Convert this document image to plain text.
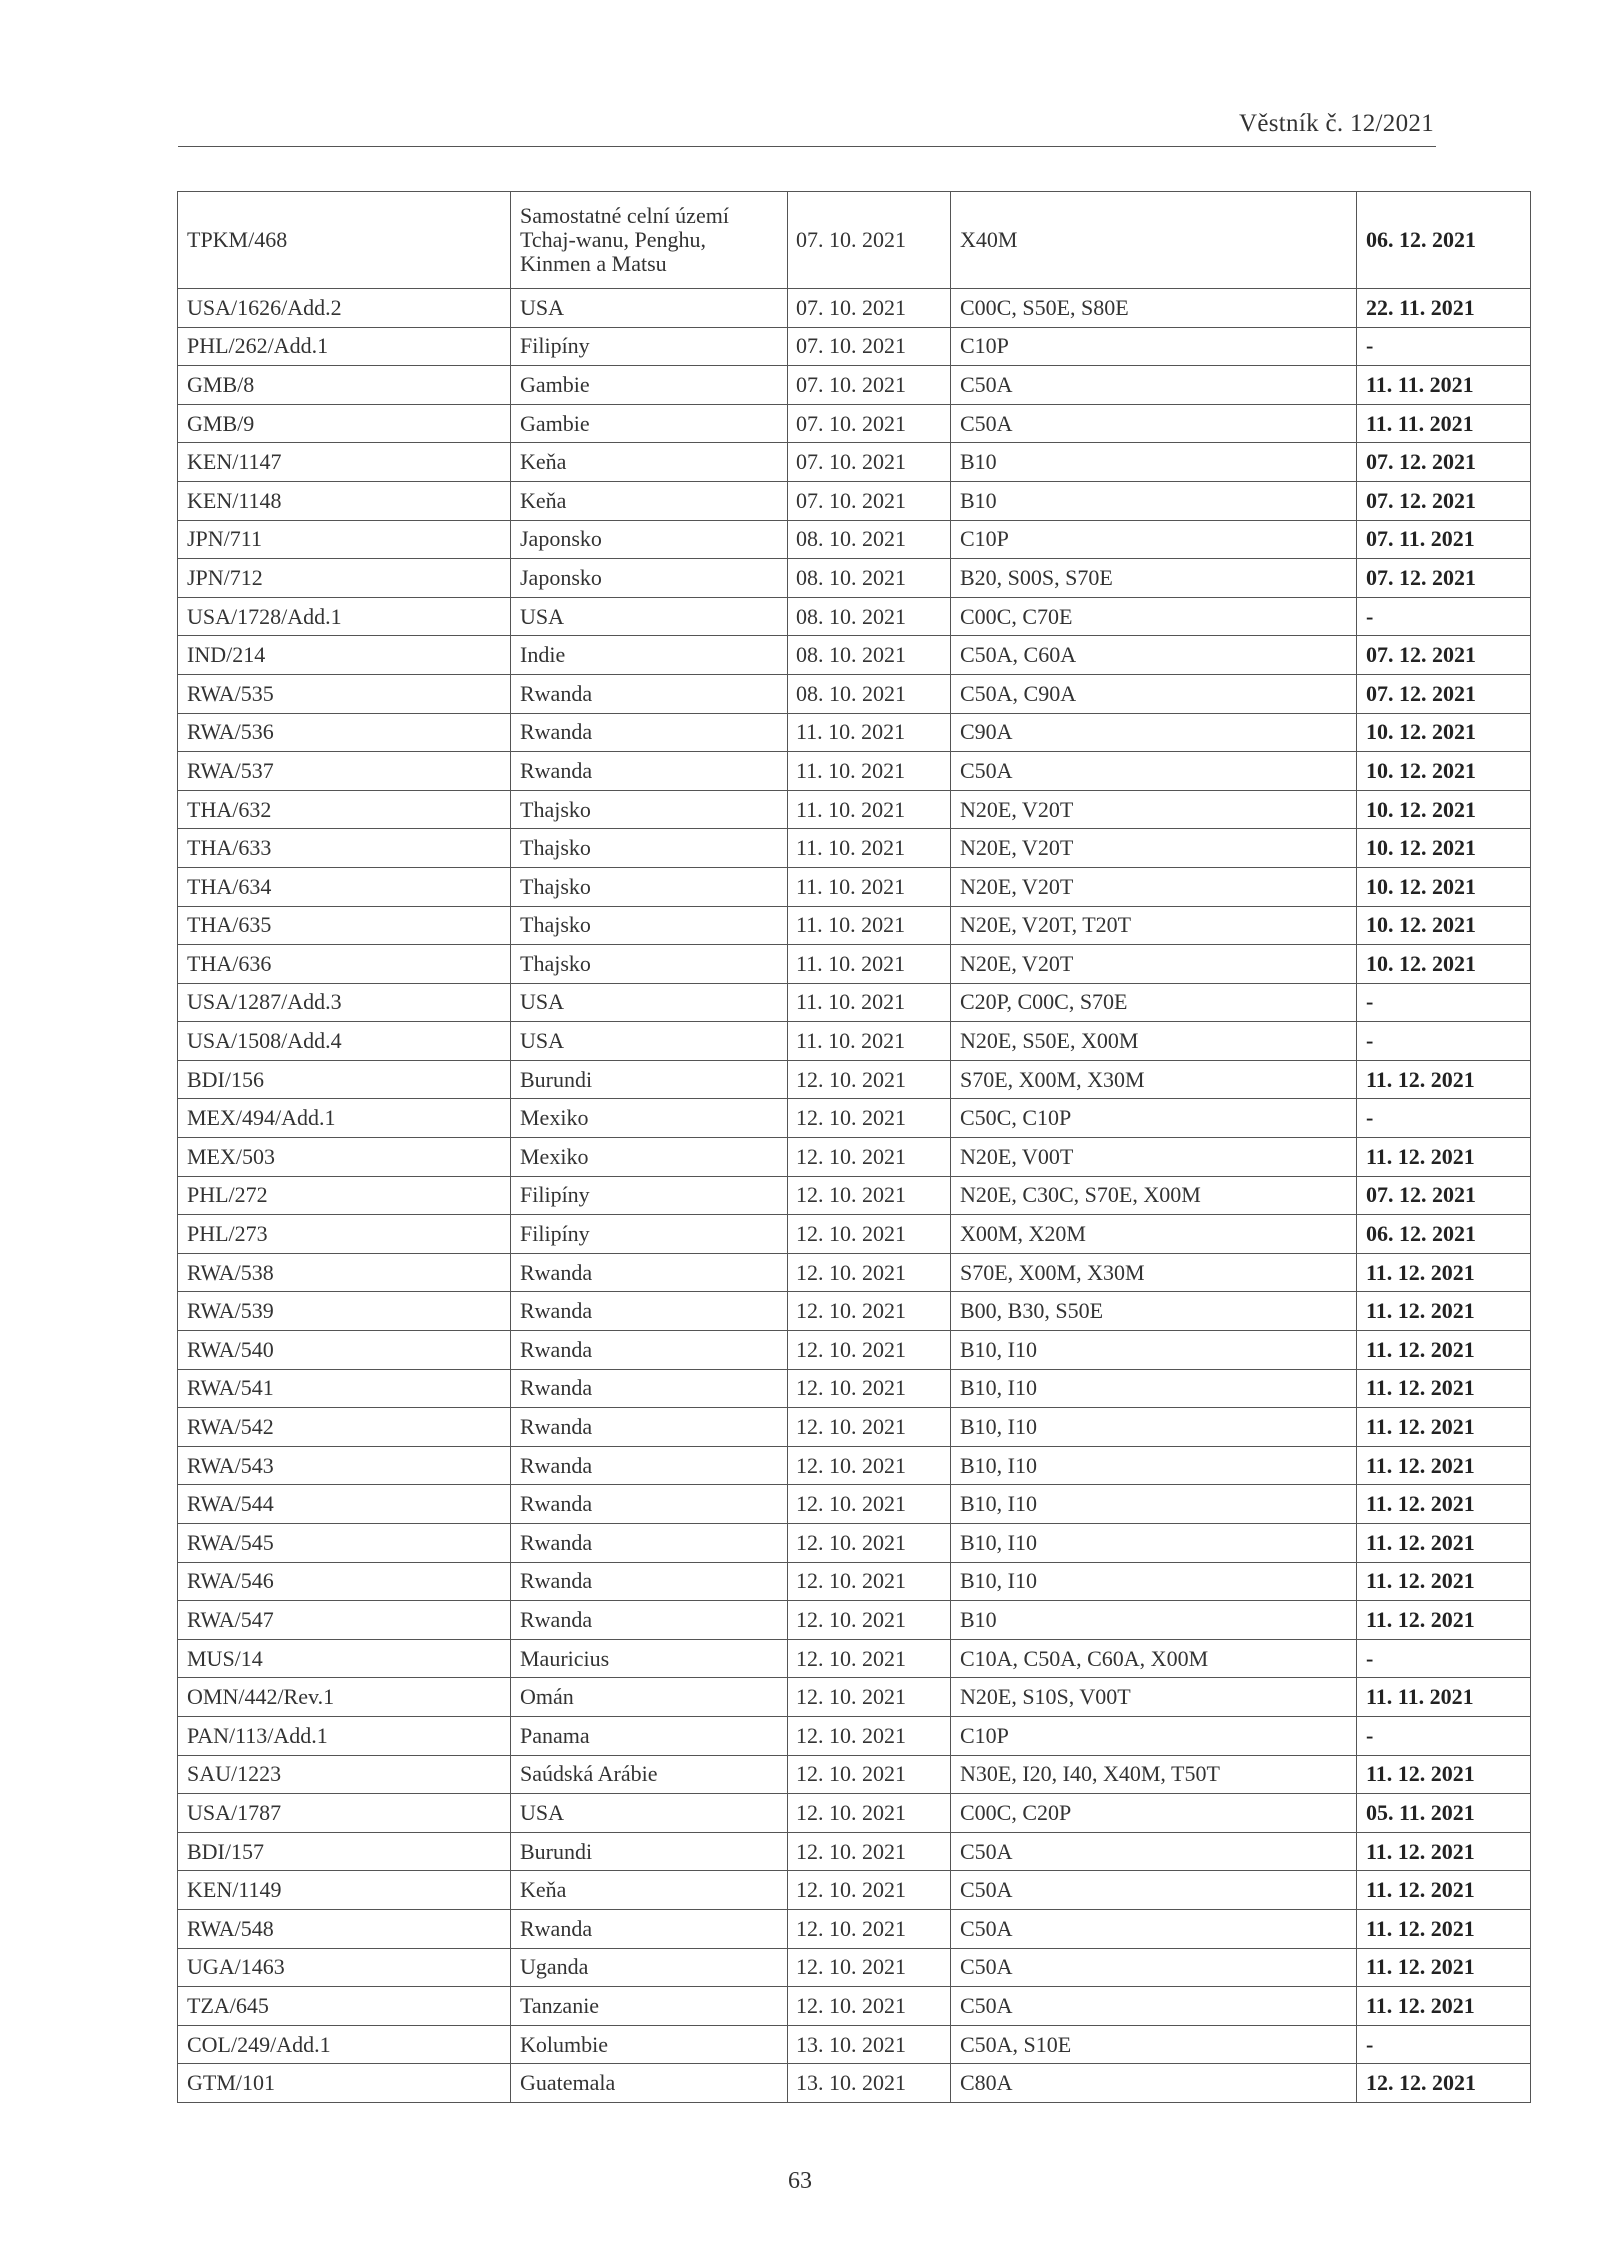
Věstník č. 12/2021
TPKM/468	Samostatné celní území Tchaj-wanu, Penghu, Kinmen a Matsu	07. 10. 2021	X40M	06. 12. 2021
USA/1626/Add.2	USA	07. 10. 2021	C00C, S50E, S80E	22. 11. 2021
PHL/262/Add.1	Filipíny	07. 10. 2021	C10P	-
GMB/8	Gambie	07. 10. 2021	C50A	11. 11. 2021
GMB/9	Gambie	07. 10. 2021	C50A	11. 11. 2021
KEN/1147	Keňa	07. 10. 2021	B10	07. 12. 2021
KEN/1148	Keňa	07. 10. 2021	B10	07. 12. 2021
JPN/711	Japonsko	08. 10. 2021	C10P	07. 11. 2021
JPN/712	Japonsko	08. 10. 2021	B20, S00S, S70E	07. 12. 2021
USA/1728/Add.1	USA	08. 10. 2021	C00C, C70E	-
IND/214	Indie	08. 10. 2021	C50A, C60A	07. 12. 2021
RWA/535	Rwanda	08. 10. 2021	C50A, C90A	07. 12. 2021
RWA/536	Rwanda	11. 10. 2021	C90A	10. 12. 2021
RWA/537	Rwanda	11. 10. 2021	C50A	10. 12. 2021
THA/632	Thajsko	11. 10. 2021	N20E, V20T	10. 12. 2021
THA/633	Thajsko	11. 10. 2021	N20E, V20T	10. 12. 2021
THA/634	Thajsko	11. 10. 2021	N20E, V20T	10. 12. 2021
THA/635	Thajsko	11. 10. 2021	N20E, V20T, T20T	10. 12. 2021
THA/636	Thajsko	11. 10. 2021	N20E, V20T	10. 12. 2021
USA/1287/Add.3	USA	11. 10. 2021	C20P, C00C, S70E	-
USA/1508/Add.4	USA	11. 10. 2021	N20E, S50E, X00M	-
BDI/156	Burundi	12. 10. 2021	S70E, X00M, X30M	11. 12. 2021
MEX/494/Add.1	Mexiko	12. 10. 2021	C50C, C10P	-
MEX/503	Mexiko	12. 10. 2021	N20E, V00T	11. 12. 2021
PHL/272	Filipíny	12. 10. 2021	N20E, C30C, S70E, X00M	07. 12. 2021
PHL/273	Filipíny	12. 10. 2021	X00M, X20M	06. 12. 2021
RWA/538	Rwanda	12. 10. 2021	S70E, X00M, X30M	11. 12. 2021
RWA/539	Rwanda	12. 10. 2021	B00, B30, S50E	11. 12. 2021
RWA/540	Rwanda	12. 10. 2021	B10, I10	11. 12. 2021
RWA/541	Rwanda	12. 10. 2021	B10, I10	11. 12. 2021
RWA/542	Rwanda	12. 10. 2021	B10, I10	11. 12. 2021
RWA/543	Rwanda	12. 10. 2021	B10, I10	11. 12. 2021
RWA/544	Rwanda	12. 10. 2021	B10, I10	11. 12. 2021
RWA/545	Rwanda	12. 10. 2021	B10, I10	11. 12. 2021
RWA/546	Rwanda	12. 10. 2021	B10, I10	11. 12. 2021
RWA/547	Rwanda	12. 10. 2021	B10	11. 12. 2021
MUS/14	Mauricius	12. 10. 2021	C10A, C50A, C60A, X00M	-
OMN/442/Rev.1	Omán	12. 10. 2021	N20E, S10S, V00T	11. 11. 2021
PAN/113/Add.1	Panama	12. 10. 2021	C10P	-
SAU/1223	Saúdská Arábie	12. 10. 2021	N30E, I20, I40, X40M, T50T	11. 12. 2021
USA/1787	USA	12. 10. 2021	C00C, C20P	05. 11. 2021
BDI/157	Burundi	12. 10. 2021	C50A	11. 12. 2021
KEN/1149	Keňa	12. 10. 2021	C50A	11. 12. 2021
RWA/548	Rwanda	12. 10. 2021	C50A	11. 12. 2021
UGA/1463	Uganda	12. 10. 2021	C50A	11. 12. 2021
TZA/645	Tanzanie	12. 10. 2021	C50A	11. 12. 2021
COL/249/Add.1	Kolumbie	13. 10. 2021	C50A, S10E	-
GTM/101	Guatemala	13. 10. 2021	C80A	12. 12. 2021
63
